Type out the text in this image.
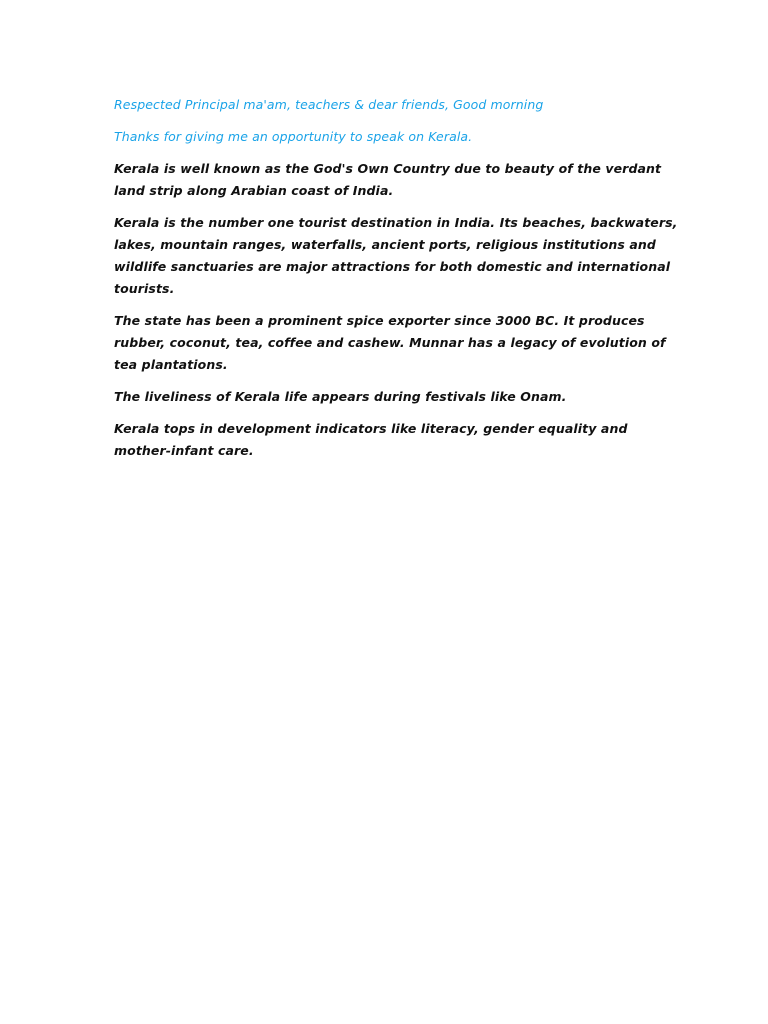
Respected Principal ma'am, teachers & dear friends, Good morning

Thanks for giving me an opportunity to speak on Kerala.

Kerala is well known as the God's Own Country due to beauty of the verdant land strip along Arabian coast of India.

Kerala is the number one tourist destination in India. Its beaches, backwaters, lakes, mountain ranges, waterfalls, ancient ports, religious institutions and wildlife sanctuaries are major attractions for both domestic and international tourists.

The state has been a prominent spice exporter since 3000 BC. It produces rubber, coconut, tea, coffee and cashew. Munnar has a legacy of evolution of tea plantations.

The liveliness of Kerala life appears during festivals like Onam.

Kerala tops in development indicators like literacy, gender equality and mother-infant care.
